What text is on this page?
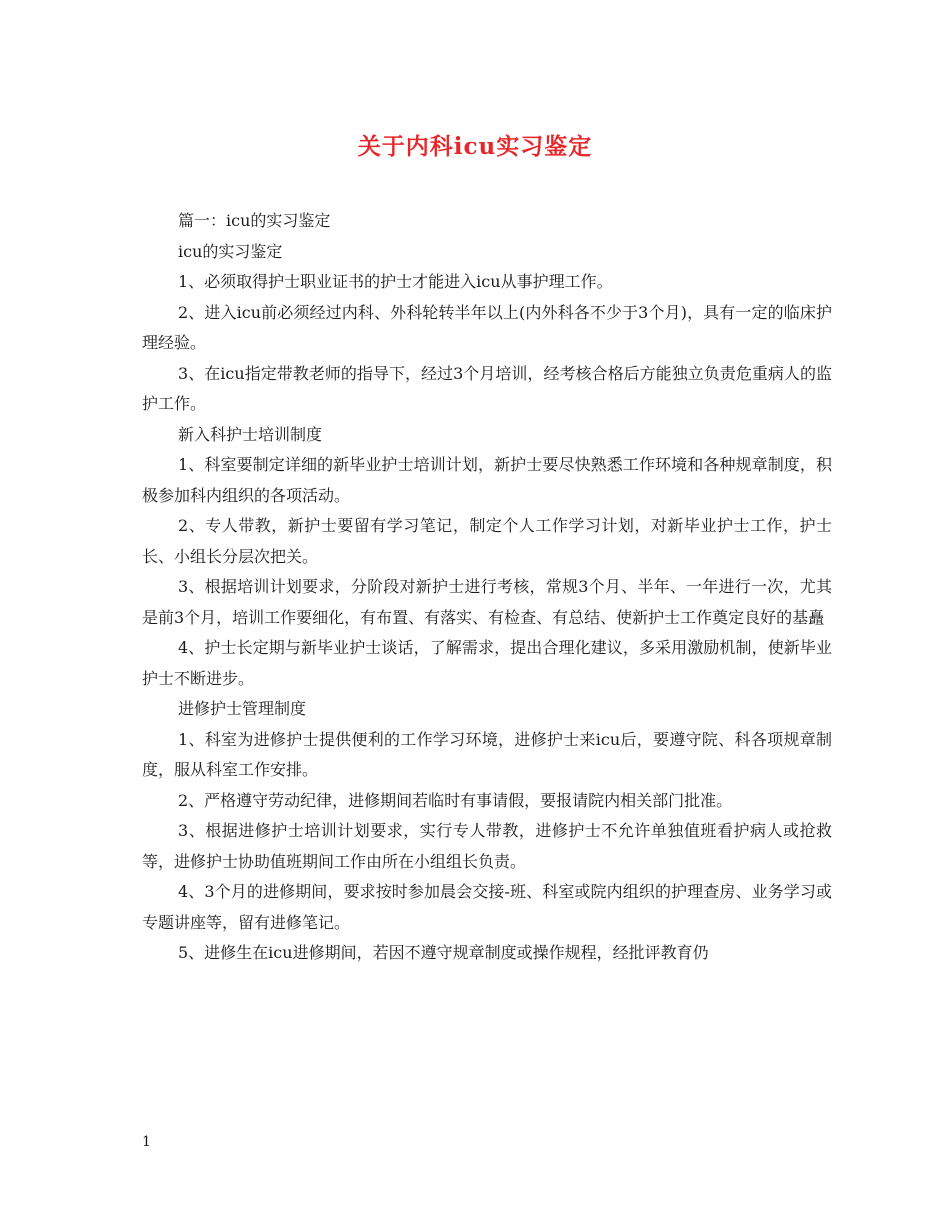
关于内科icu实习鉴定

篇一：icu的实习鉴定

icu的实习鉴定

1、必须取得护士职业证书的护士才能进入icu从事护理工作。

2、进入icu前必须经过内科、外科轮转半年以上(内外科各不少于3个月)，具有一定的临床护理经验。

3、在icu指定带教老师的指导下，经过3个月培训，经考核合格后方能独立负责危重病人的监护工作。

新入科护士培训制度

1、科室要制定详细的新毕业护士培训计划，新护士要尽快熟悉工作环境和各种规章制度，积极参加科内组织的各项活动。

2、专人带教，新护士要留有学习笔记，制定个人工作学习计划，对新毕业护士工作，护士长、小组长分层次把关。

3、根据培训计划要求，分阶段对新护士进行考核，常规3个月、半年、一年进行一次，尤其是前3个月，培训工作要细化，有布置、有落实、有检查、有总结、使新护士工作奠定良好的基矗

4、护士长定期与新毕业护士谈话，了解需求，提出合理化建议，多采用激励机制，使新毕业护士不断进步。

进修护士管理制度

1、科室为进修护士提供便利的工作学习环境，进修护士来icu后，要遵守院、科各项规章制度，服从科室工作安排。

2、严格遵守劳动纪律，进修期间若临时有事请假，要报请院内相关部门批准。

3、根据进修护士培训计划要求，实行专人带教，进修护士不允许单独值班看护病人或抢救等，进修护士协助值班期间工作由所在小组组长负责。

4、3个月的进修期间，要求按时参加晨会交接-班、科室或院内组织的护理查房、业务学习或专题讲座等，留有进修笔记。

5、进修生在icu进修期间，若因不遵守规章制度或操作规程，经批评教育仍

1
